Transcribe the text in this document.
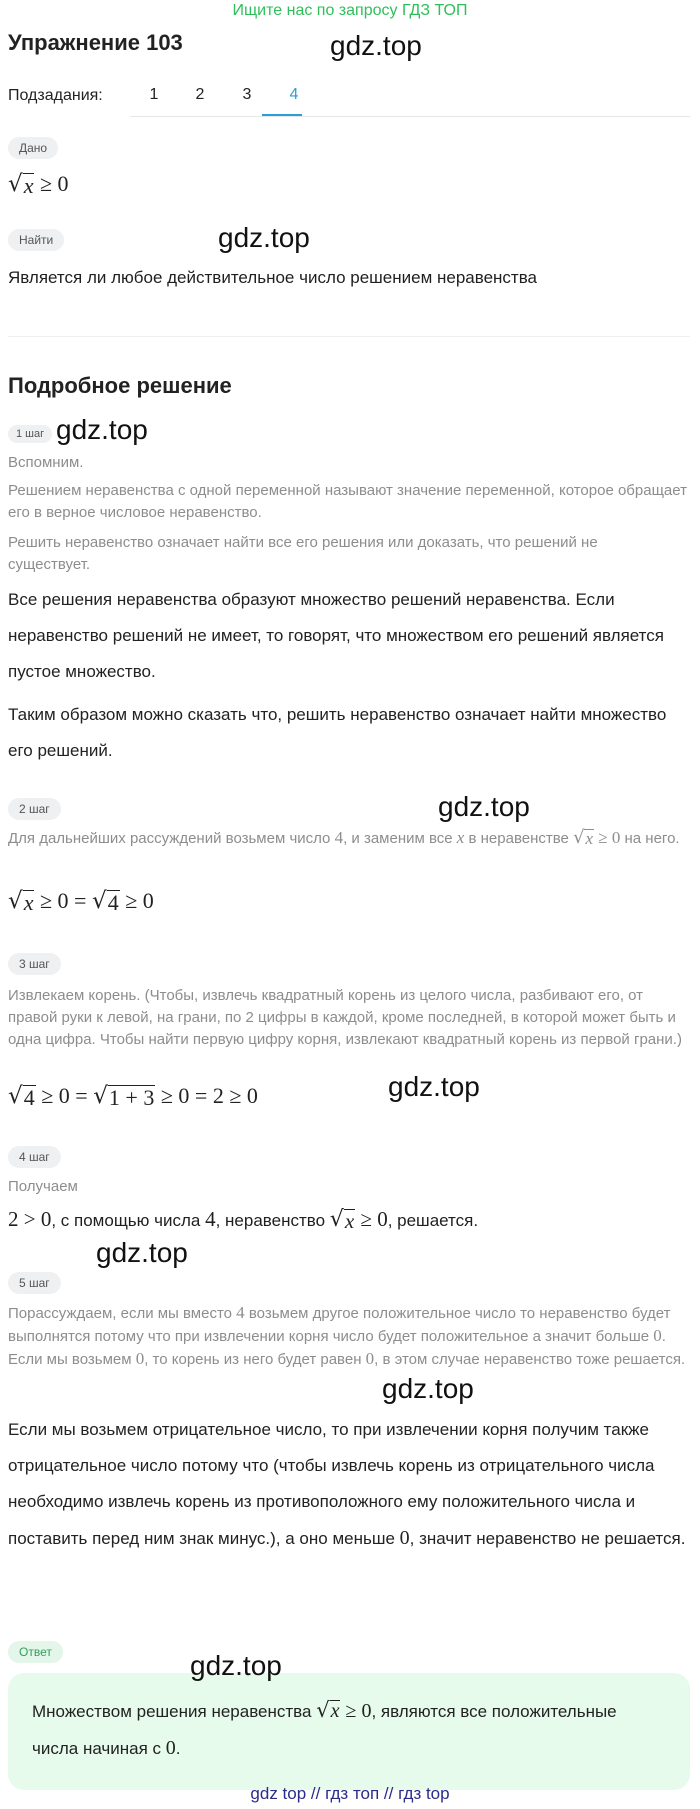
Ищите нас по запросу ГДЗ ТОП
Упражнение 103	gdz.top
Подзадания:	1	2	3	4
Дано
√ x ≥ 0
Найти	gdz.top
Является ли любое действительное число решением неравенства
Подробное решение
1 шаг gdz.top
Вспомним.
Решением неравенства с одной переменной называют значение переменной, которое обращает его в верное числовое неравенство.
Решить неравенство означает найти все его решения или доказать, что решений не существует.
Все решения неравенства образуют множество решений неравенства. Если неравенство решений не имеет, то говорят, что множеством его решений является пустое множество.
Таким образом можно сказать что, решить неравенство означает найти множество его решений.
2 шаг	gdz.top
Для дальнейших рассуждений возьмем число 4, и заменим все x в неравенстве √ x ≥ 0 на него.
√ x ≥ 0 = √ 4 ≥ 0
3 шаг
Извлекаем корень. (Чтобы, извлечь квадратный корень из целого числа, разбивают его, от правой руки к левой, на грани, по 2 цифры в каждой, кроме последней, в которой может быть и одна цифра. Чтобы найти первую цифру корня, извлекают квадратный корень из первой грани.)
√ 4 ≥ 0 = √ 1 + 3 ≥ 0 = 2 ≥ 0	gdz.top
4 шаг
Получаем
2 > 0, с помощью числа 4, неравенство √ x ≥ 0, решается.
gdz.top
5 шаг
Порассуждаем, если мы вместо 4 возьмем другое положительное число то неравенство будет выполнятся потому что при извлечении корня число будет положительное а значит больше 0. Если мы возьмем 0, то корень из него будет равен 0, в этом случае неравенство тоже решается.
gdz.top
Если мы возьмем отрицательное число, то при извлечении корня получим также отрицательное число потому что (чтобы извлечь корень из отрицательного числа необходимо извлечь корень из противоположного ему положительного числа и поставить перед ним знак минус.), а оно меньше 0, значит неравенство не решается.
Ответ
Множеством решения неравенства √ x ≥ 0, являются все положительные числа начиная с 0.
gdz.top
gdz top // гдз топ // гдз top
